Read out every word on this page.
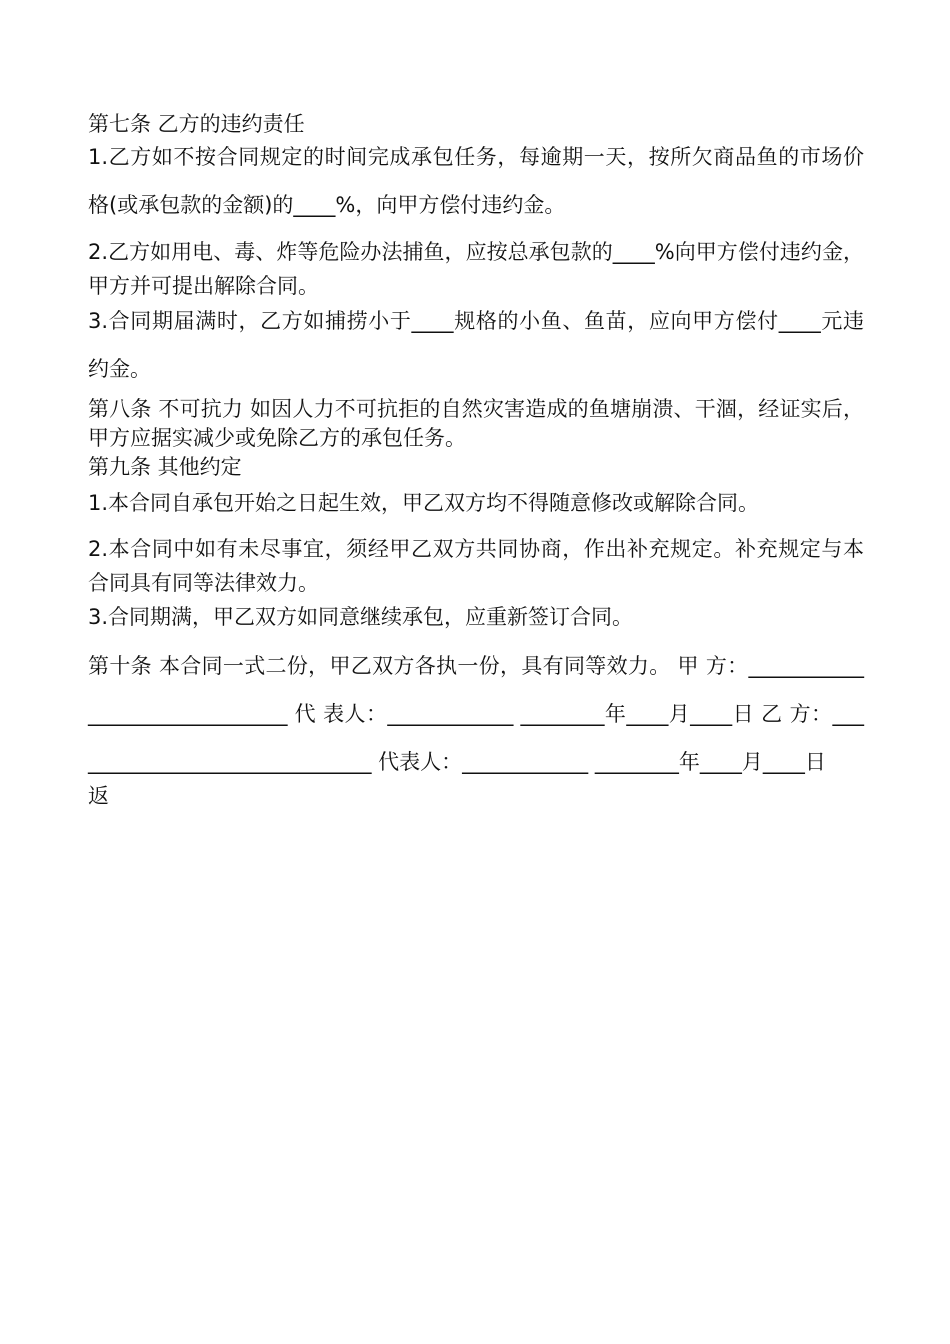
第七条 乙方的违约责任

1.乙方如不按合同规定的时间完成承包任务，每逾期一天，按所欠商品鱼的市场价格(或承包款的金额)的____%，向甲方偿付违约金。

2.乙方如用电、毒、炸等危险办法捕鱼，应按总承包款的____%向甲方偿付违约金，甲方并可提出解除合同。

3.合同期届满时，乙方如捕捞小于____规格的小鱼、鱼苗，应向甲方偿付____元违约金。

第八条 不可抗力 如因人力不可抗拒的自然灾害造成的鱼塘崩溃、干涸，经证实后，甲方应据实减少或免除乙方的承包任务。

第九条 其他约定

1.本合同自承包开始之日起生效，甲乙双方均不得随意修改或解除合同。

2.本合同中如有未尽事宜，须经甲乙双方共同协商，作出补充规定。补充规定与本合同具有同等法律效力。

3.合同期满，甲乙双方如同意继续承包，应重新签订合同。

第十条 本合同一式二份，甲乙双方各执一份，具有同等效力。 甲 方：______________________________ 代 表人：____________ ________年____月____日 乙 方：______________________________ 代表人：____________ ________年____月____日

返
